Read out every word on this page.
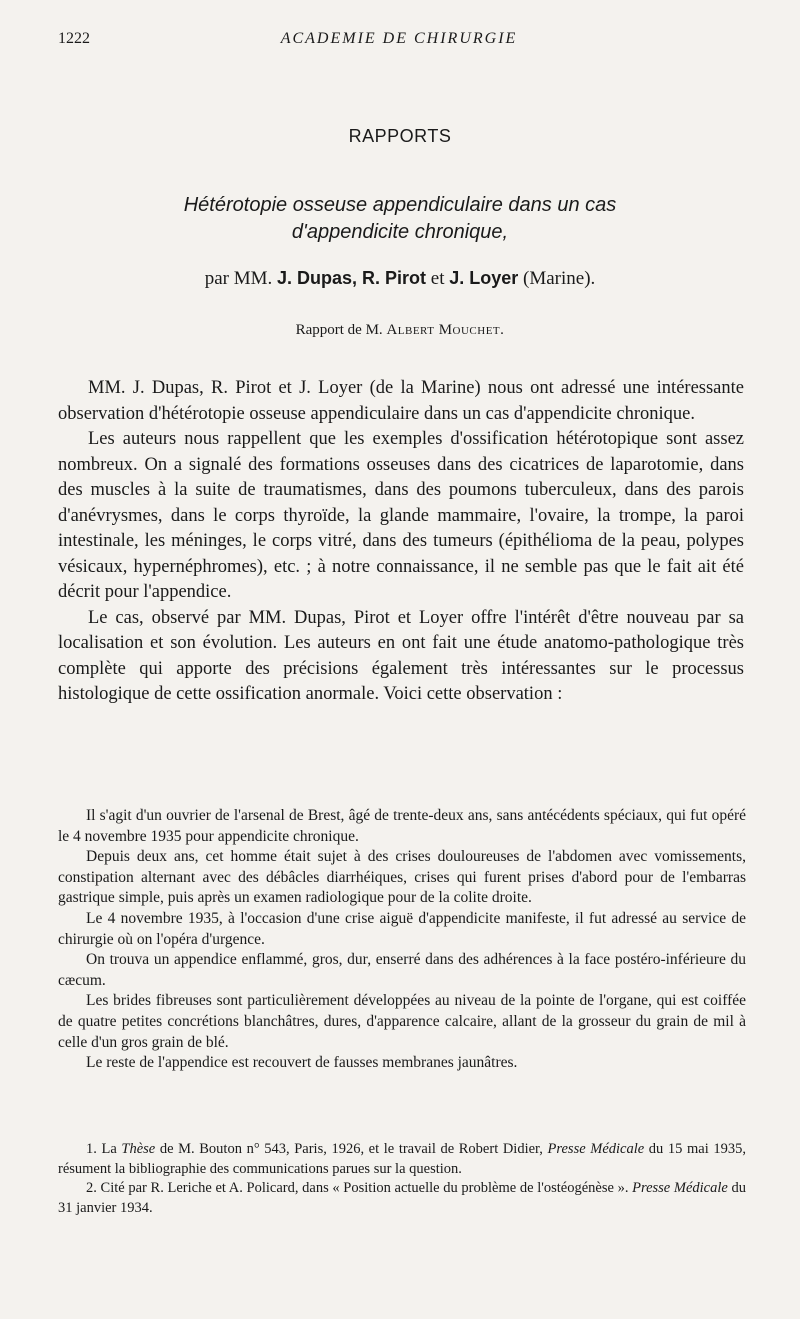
1222	ACADEMIE DE CHIRURGIE
RAPPORTS
Hétérotopie osseuse appendiculaire dans un cas
d'appendicite chronique,
par MM. J. Dupas, R. Pirot et J. Loyer (Marine).
Rapport de M. Albert Mouchet.

MM. J. Dupas, R. Pirot et J. Loyer (de la Marine) nous ont adressé une intéressante observation d'hétérotopie osseuse appendiculaire dans un cas d'appendicite chronique.

Les auteurs nous rappellent que les exemples d'ossification hétérotopique sont assez nombreux. On a signalé des formations osseuses dans des cicatrices de laparotomie, dans des muscles à la suite de traumatismes, dans des poumons tuberculeux, dans des parois d'anévrysmes, dans le corps thyroïde, la glande mammaire, l'ovaire, la trompe, la paroi intestinale, les méninges, le corps vitré, dans des tumeurs (épithélioma de la peau, polypes vésicaux, hypernéphromes), etc. ; à notre connaissance, il ne semble pas que le fait ait été décrit pour l'appendice.

Le cas, observé par MM. Dupas, Pirot et Loyer offre l'intérêt d'être nouveau par sa localisation et son évolution. Les auteurs en ont fait une étude anatomo-pathologique très complète qui apporte des précisions également très intéressantes sur le processus histologique de cette ossification anormale. Voici cette observation :

Il s'agit d'un ouvrier de l'arsenal de Brest, âgé de trente-deux ans, sans antécédents spéciaux, qui fut opéré le 4 novembre 1935 pour appendicite chronique.

Depuis deux ans, cet homme était sujet à des crises douloureuses de l'abdomen avec vomissements, constipation alternant avec des débâcles diarrhéiques, crises qui furent prises d'abord pour de l'embarras gastrique simple, puis après un examen radiologique pour de la colite droite.

Le 4 novembre 1935, à l'occasion d'une crise aiguë d'appendicite manifeste, il fut adressé au service de chirurgie où on l'opéra d'urgence.

On trouva un appendice enflammé, gros, dur, enserré dans des adhérences à la face postéro-inférieure du cæcum.

Les brides fibreuses sont particulièrement développées au niveau de la pointe de l'organe, qui est coiffée de quatre petites concrétions blanchâtres, dures, d'apparence calcaire, allant de la grosseur du grain de mil à celle d'un gros grain de blé.

Le reste de l'appendice est recouvert de fausses membranes jaunâtres.

1. La Thèse de M. Bouton n° 543, Paris, 1926, et le travail de Robert Didier, Presse Médicale du 15 mai 1935, résument la bibliographie des communications parues sur la question.

2. Cité par R. Leriche et A. Policard, dans « Position actuelle du problème de l'ostéogénèse ». Presse Médicale du 31 janvier 1934.
